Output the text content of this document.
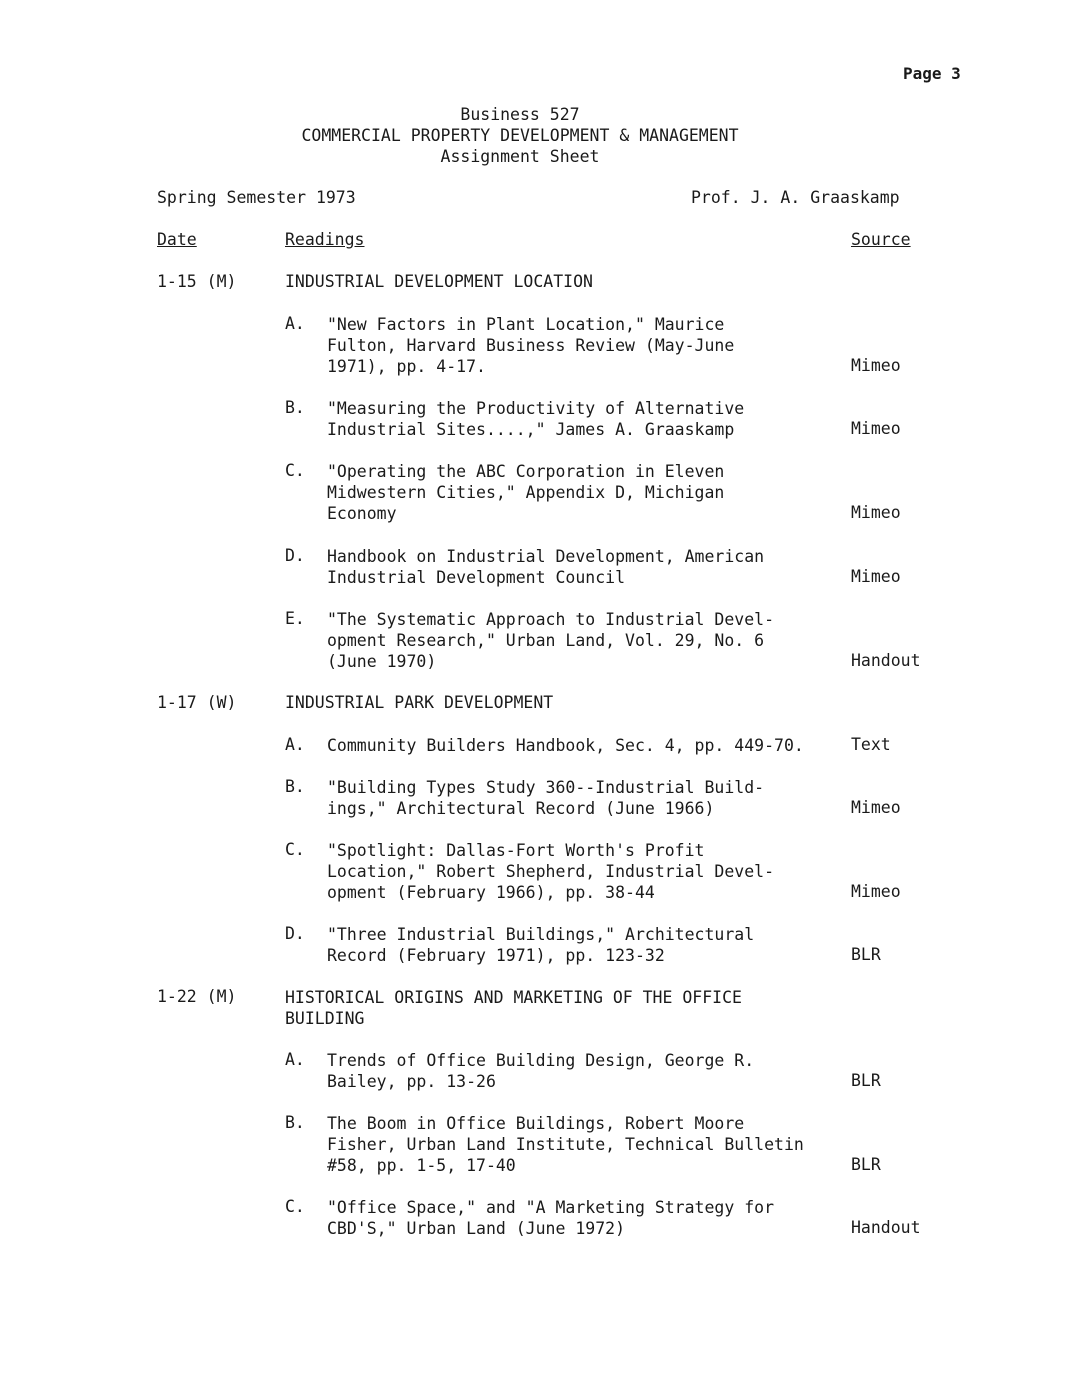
Page 3
Business 527
COMMERCIAL PROPERTY DEVELOPMENT & MANAGEMENT
Assignment Sheet
Spring Semester 1973	Prof. J. A. Graaskamp
Date	Readings	Source
1-15 (M)	INDUSTRIAL DEVELOPMENT LOCATION
A. "New Factors in Plant Location," Maurice
Fulton, Harvard Business Review (May-June
1971), pp. 4-17.	Mimeo
B. "Measuring the Productivity of Alternative
Industrial Sites....," James A. Graaskamp	Mimeo
C. "Operating the ABC Corporation in Eleven
Midwestern Cities," Appendix D, Michigan
Economy	Mimeo
D. Handbook on Industrial Development, American
Industrial Development Council	Mimeo
E. "The Systematic Approach to Industrial Devel-
opment Research," Urban Land, Vol. 29, No. 6
(June 1970)	Handout
1-17 (W)	INDUSTRIAL PARK DEVELOPMENT
A. Community Builders Handbook, Sec. 4, pp. 449-70.	Text
B. "Building Types Study 360--Industrial Build-
ings," Architectural Record (June 1966)	Mimeo
C. "Spotlight: Dallas-Fort Worth's Profit
Location," Robert Shepherd, Industrial Devel-
opment (February 1966), pp. 38-44	Mimeo
D. "Three Industrial Buildings," Architectural
Record (February 1971), pp. 123-32	BLR
1-22 (M)	HISTORICAL ORIGINS AND MARKETING OF THE OFFICE
BUILDING
A. Trends of Office Building Design, George R.
Bailey, pp. 13-26	BLR
B. The Boom in Office Buildings, Robert Moore
Fisher, Urban Land Institute, Technical Bulletin
#58, pp. 1-5, 17-40	BLR
C. "Office Space," and "A Marketing Strategy for
CBD'S," Urban Land (June 1972)	Handout
